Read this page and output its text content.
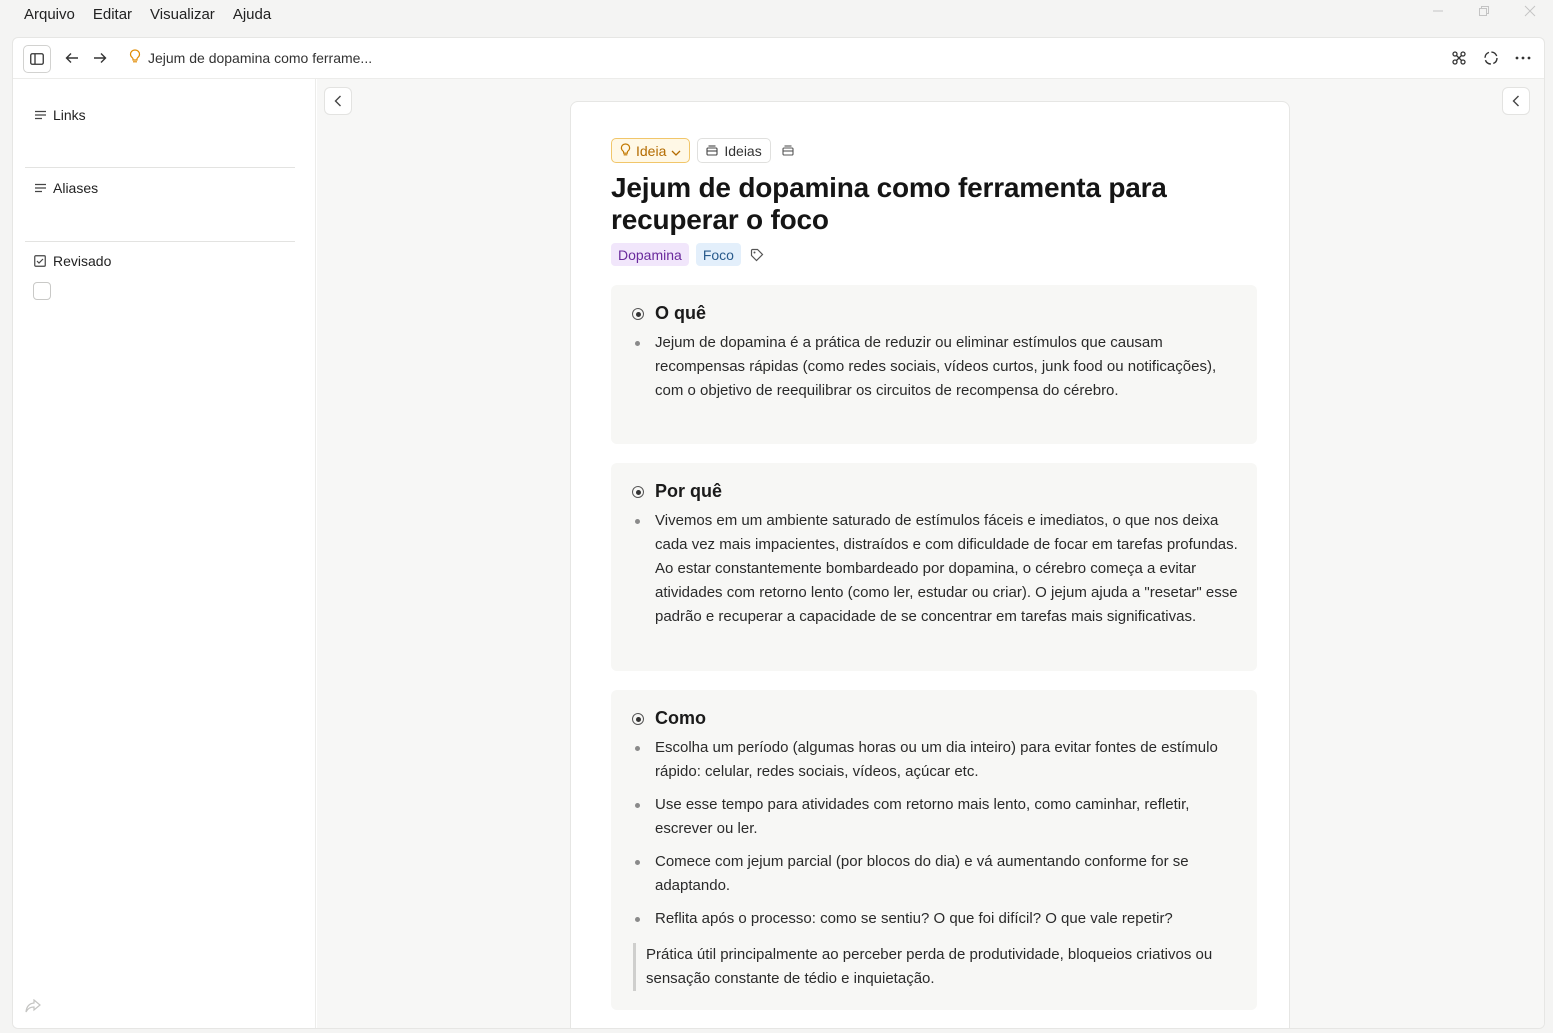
Arquivo Editar Visualizar Ajuda
Jejum de dopamina como ferrame...
Links
Aliases
Revisado
Ideia	Ideias
Jejum de dopamina como ferramenta para recuperar o foco
Dopamina	Foco
O quê
Jejum de dopamina é a prática de reduzir ou eliminar estímulos que causam recompensas rápidas (como redes sociais, vídeos curtos, junk food ou notificações), com o objetivo de reequilibrar os circuitos de recompensa do cérebro.
Por quê
Vivemos em um ambiente saturado de estímulos fáceis e imediatos, o que nos deixa cada vez mais impacientes, distraídos e com dificuldade de focar em tarefas profundas. Ao estar constantemente bombardeado por dopamina, o cérebro começa a evitar atividades com retorno lento (como ler, estudar ou criar). O jejum ajuda a "resetar" esse padrão e recuperar a capacidade de se concentrar em tarefas mais significativas.
Como
Escolha um período (algumas horas ou um dia inteiro) para evitar fontes de estímulo rápido: celular, redes sociais, vídeos, açúcar etc.
Use esse tempo para atividades com retorno mais lento, como caminhar, refletir, escrever ou ler.
Comece com jejum parcial (por blocos do dia) e vá aumentando conforme for se adaptando.
Reflita após o processo: como se sentiu? O que foi difícil? O que vale repetir?
Prática útil principalmente ao perceber perda de produtividade, bloqueios criativos ou sensação constante de tédio e inquietação.
